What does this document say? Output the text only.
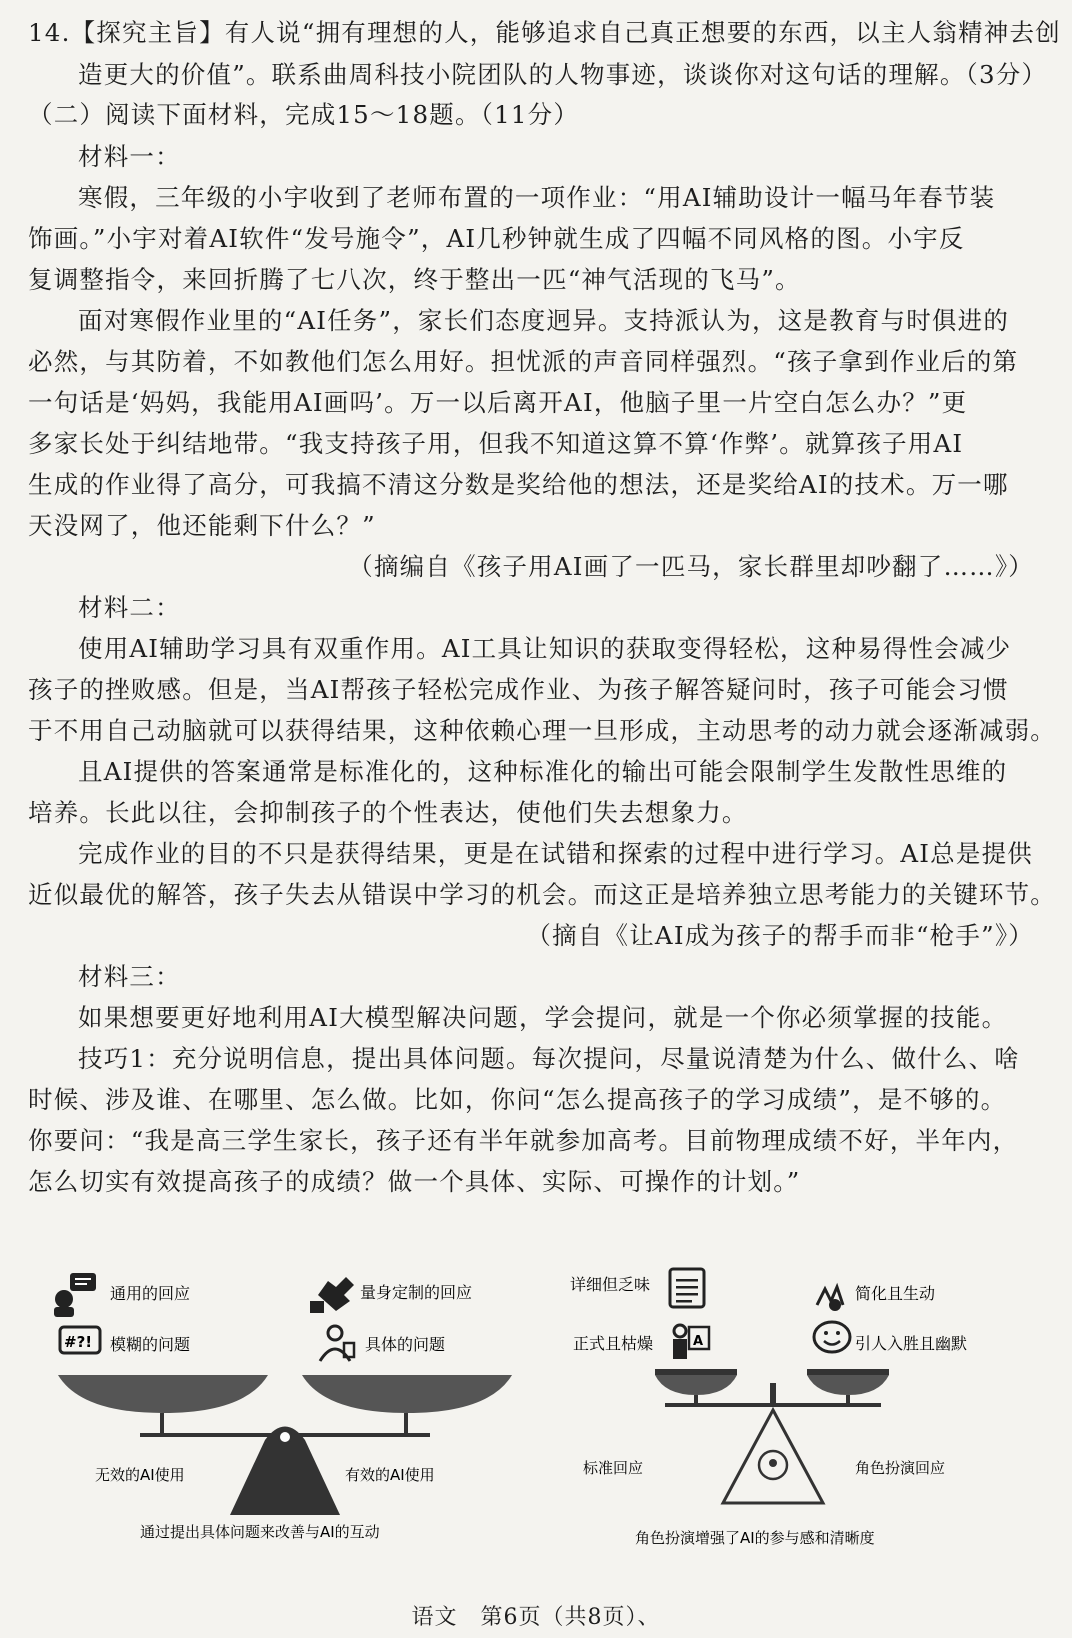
14.【探究主旨】有人说“拥有理想的人，能够追求自己真正想要的东西，以主人翁精神去创
造更大的价值”。联系曲周科技小院团队的人物事迹，谈谈你对这句话的理解。（3分）
（二）阅读下面材料，完成15～18题。（11分）
材料一：
寒假，三年级的小宇收到了老师布置的一项作业：“用AI辅助设计一幅马年春节装
饰画。”小宇对着AI软件“发号施令”，AI几秒钟就生成了四幅不同风格的图。小宇反
复调整指令，来回折腾了七八次，终于整出一匹“神气活现的飞马”。
面对寒假作业里的“AI任务”，家长们态度迥异。支持派认为，这是教育与时俱进的
必然，与其防着，不如教他们怎么用好。担忧派的声音同样强烈。“孩子拿到作业后的第
一句话是‘妈妈，我能用AI画吗’。万一以后离开AI，他脑子里一片空白怎么办？”更
多家长处于纠结地带。“我支持孩子用，但我不知道这算不算‘作弊’。就算孩子用AI
生成的作业得了高分，可我搞不清这分数是奖给他的想法，还是奖给AI的技术。万一哪
天没网了，他还能剩下什么？”
（摘编自《孩子用AI画了一匹马，家长群里却吵翻了……》）
材料二：
使用AI辅助学习具有双重作用。AI工具让知识的获取变得轻松，这种易得性会减少
孩子的挫败感。但是，当AI帮孩子轻松完成作业、为孩子解答疑问时，孩子可能会习惯
于不用自己动脑就可以获得结果，这种依赖心理一旦形成，主动思考的动力就会逐渐减弱。
且AI提供的答案通常是标准化的，这种标准化的输出可能会限制学生发散性思维的
培养。长此以往，会抑制孩子的个性表达，使他们失去想象力。
完成作业的目的不只是获得结果，更是在试错和探索的过程中进行学习。AI总是提供
近似最优的解答，孩子失去从错误中学习的机会。而这正是培养独立思考能力的关键环节。
（摘自《让AI成为孩子的帮手而非“枪手”》）
材料三：
如果想要更好地利用AI大模型解决问题，学会提问，就是一个你必须掌握的技能。
技巧1：充分说明信息，提出具体问题。每次提问，尽量说清楚为什么、做什么、啥
时候、涉及谁、在哪里、怎么做。比如，你问“怎么提高孩子的学习成绩”，是不够的。
你要问：“我是高三学生家长，孩子还有半年就参加高考。目前物理成绩不好，半年内，
怎么切实有效提高孩子的成绩？做一个具体、实际、可操作的计划。”
通用的回应
#?! 模糊的问题
量身定制的回应
具体的问题
无效的AI使用	有效的AI使用
通过提出具体问题来改善与AI的互动
详细但乏味
正式且枯燥	A
简化且生动
引人入胜且幽默
标准回应	角色扮演回应
角色扮演增强了AI的参与感和清晰度
语文　第6页（共8页）、
